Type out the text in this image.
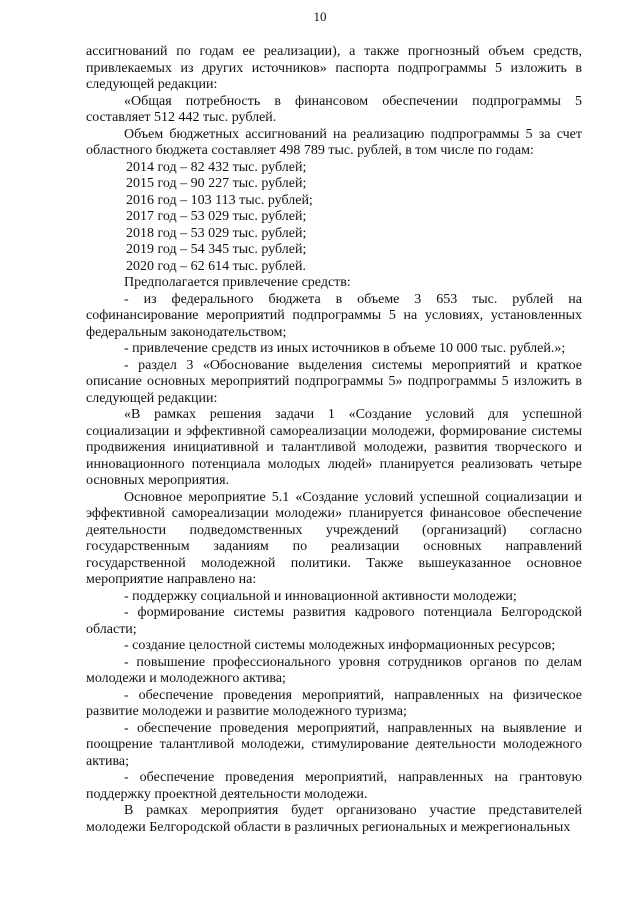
10

ассигнований по годам ее реализации), а также прогнозный объем средств, привлекаемых из других источников» паспорта подпрограммы 5 изложить в следующей редакции:

«Общая потребность в финансовом обеспечении подпрограммы 5 составляет 512 442 тыс. рублей.

Объем бюджетных ассигнований на реализацию подпрограммы 5 за счет областного бюджета составляет 498 789 тыс. рублей, в том числе по годам:

2014 год – 82 432 тыс. рублей;

2015 год – 90 227 тыс. рублей;

2016 год – 103 113 тыс. рублей;

2017 год – 53 029 тыс. рублей;

2018 год – 53 029 тыс. рублей;

2019 год – 54 345 тыс. рублей;

2020 год – 62 614 тыс. рублей.

Предполагается привлечение средств:

- из федерального бюджета в объеме 3 653 тыс. рублей на софинансирование мероприятий подпрограммы 5 на условиях, установленных федеральным законодательством;

- привлечение средств из иных источников в объеме 10 000 тыс. рублей.»;

- раздел 3 «Обоснование выделения системы мероприятий и краткое описание основных мероприятий подпрограммы 5» подпрограммы 5 изложить в следующей редакции:

«В рамках решения задачи 1 «Создание условий для успешной социализации и эффективной самореализации молодежи, формирование системы продвижения инициативной и талантливой молодежи, развития творческого и инновационного потенциала молодых людей» планируется реализовать четыре основных мероприятия.

Основное мероприятие 5.1 «Создание условий успешной социализации и эффективной самореализации молодежи» планируется финансовое обеспечение деятельности подведомственных учреждений (организаций) согласно государственным заданиям по реализации основных направлений государственной молодежной политики. Также вышеуказанное основное мероприятие направлено на:

- поддержку социальной и инновационной активности молодежи;

- формирование системы развития кадрового потенциала Белгородской области;

- создание целостной системы молодежных информационных ресурсов;

- повышение профессионального уровня сотрудников органов по делам молодежи и молодежного актива;

- обеспечение проведения мероприятий, направленных на физическое развитие молодежи и развитие молодежного туризма;

- обеспечение проведения мероприятий, направленных на выявление и поощрение талантливой молодежи, стимулирование деятельности молодежного актива;

- обеспечение проведения мероприятий, направленных на грантовую поддержку проектной деятельности молодежи.

В рамках мероприятия будет организовано участие представителей молодежи Белгородской области в различных региональных и межрегиональных
